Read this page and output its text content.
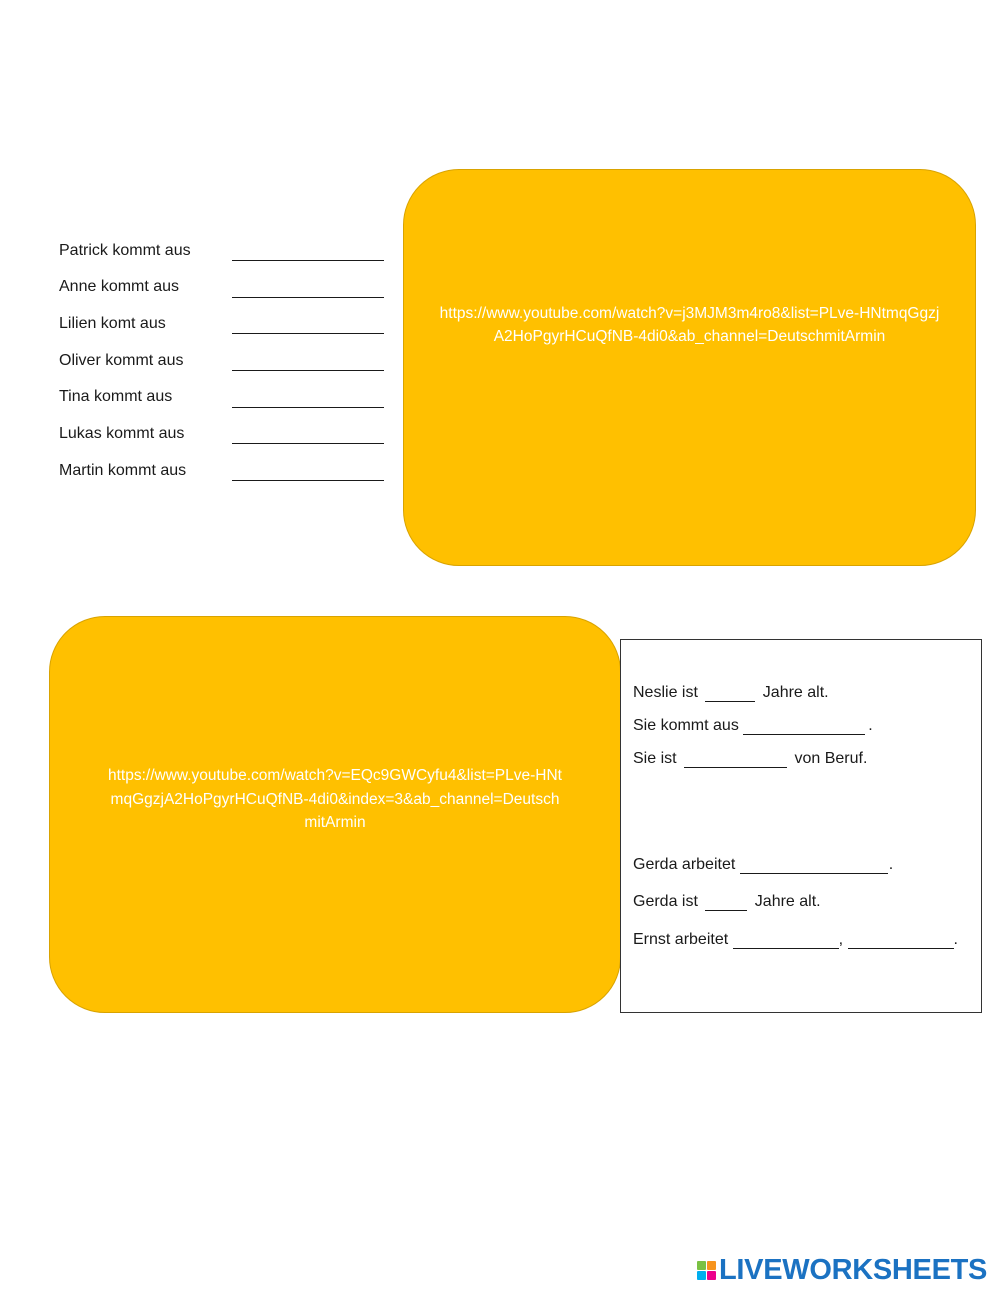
Patrick kommt aus
Anne kommt aus
Lilien komt aus
Oliver kommt aus
Tina kommt aus
Lukas kommt aus
Martin kommt aus
https://www.youtube.com/watch?v=j3MJM3m4ro8&list=PLve-HNtmqGgzjA2HoPgyrHCuQfNB-4di0&ab_channel=DeutschmitArmin
https://www.youtube.com/watch?v=EQc9GWCyfu4&list=PLve-HNtmqGgzjA2HoPgyrHCuQfNB-4di0&index=3&ab_channel=DeutschmitArmin
Neslie ist	Jahre alt.
Sie kommt aus	.
Sie ist	von Beruf.
Gerda arbeitet	.
Gerda ist	Jahre alt.
Ernst arbeitet	,	.
LIVEWORKSHEETS
